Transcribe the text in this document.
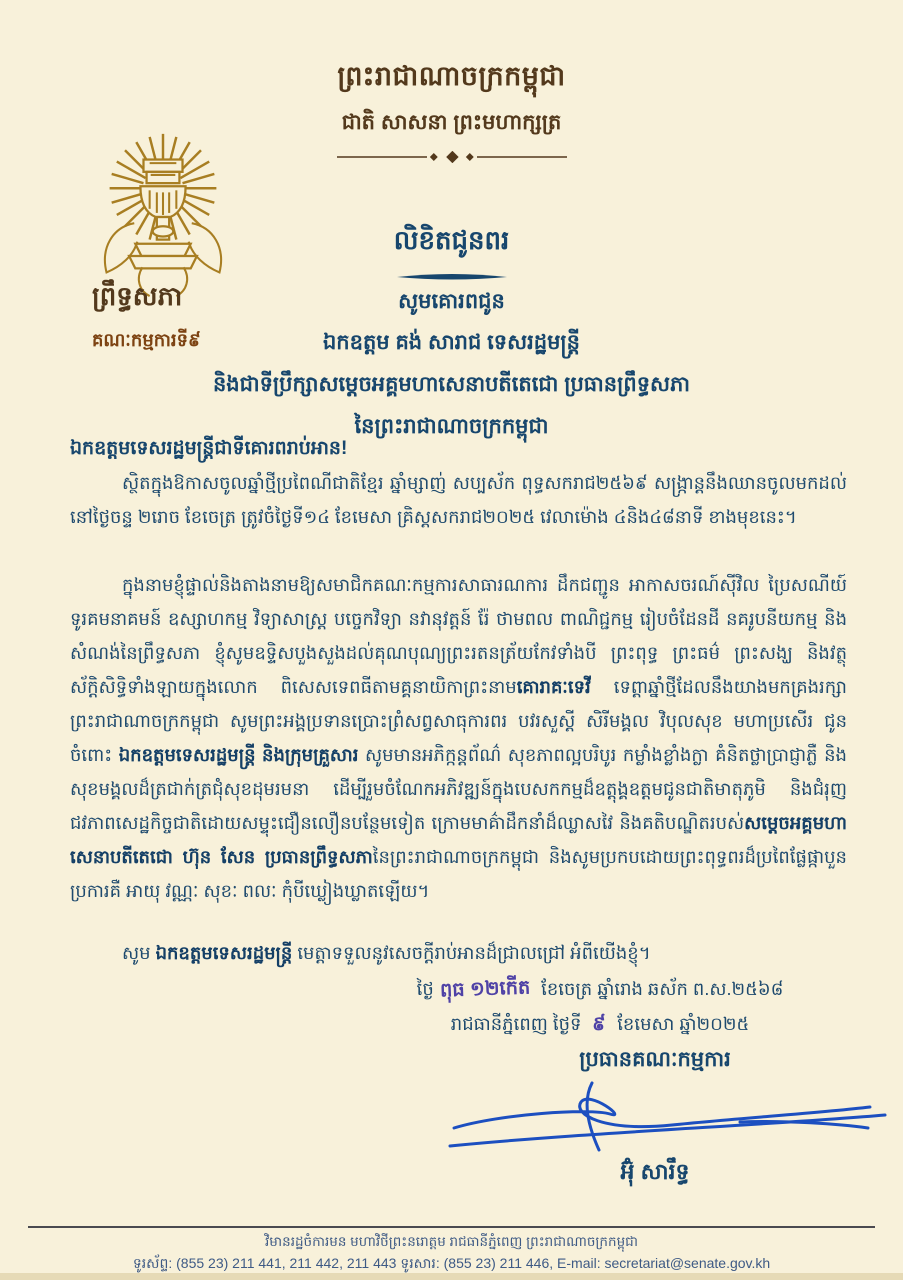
ព្រះរាជាណាចក្រកម្ពុជា
ជាតិ សាសនា ព្រះមហាក្សត្រ
ព្រឹទ្ធសភា
គណៈកម្មការទី៩
លិខិតជូនពរ
សូមគោរពជូន
ឯកឧត្តម គង់ សារាជ ទេសរដ្ឋមន្ត្រី
និងជាទីប្រឹក្សាសម្តេចអគ្គមហាសេនាបតីតេជោ ប្រធានព្រឹទ្ធសភា
នៃព្រះរាជាណាចក្រកម្ពុជា
ឯកឧត្តមទេសរដ្ឋមន្ត្រីជាទីគោរពរាប់អាន!
ស្ថិតក្នុងឱកាសចូលឆ្នាំថ្មីប្រពៃណីជាតិខ្មែរ ឆ្នាំម្សាញ់ សប្បស័ក ពុទ្ធសករាជ២៥៦៩ សង្ក្រាន្តនឹងឈានចូលមកដល់នៅថ្ងៃចន្ទ ២រោច ខែចេត្រ ត្រូវចំថ្ងៃទី១៤ ខែមេសា គ្រិស្តសករាជ២០២៥ វេលាម៉ោង ៤និង៤៨នាទី ខាងមុខនេះ។
ក្នុងនាមខ្ញុំផ្ទាល់និងតាងនាមឱ្យសមាជិកគណៈកម្មការសាធារណការ ដឹកជញ្ជូន អាកាសចរណ៍ស៊ីវិល ប្រៃសណីយ៍ ទូរគមនាគមន៍ ឧស្សាហកម្ម វិទ្យាសាស្ត្រ បច្ចេកវិទ្យា នវានុវត្តន៍ រ៉ែ ថាមពល ពាណិជ្ជកម្ម រៀបចំដែនដី នគរូបនីយកម្ម និងសំណង់នៃព្រឹទ្ធសភា ខ្ញុំសូមឧទ្ទិសបួងសួងដល់គុណបុណ្យព្រះរតនត្រ័យកែវទាំងបី ព្រះពុទ្ធ ព្រះធម៌ ព្រះសង្ឃ និងវត្ថុស័ក្តិសិទ្ធិទាំងឡាយក្នុងលោក ពិសេសទេពធីតាមគ្គនាយិកាព្រះនាមគោរាគៈទេវី ទេព្តាឆ្នាំថ្មីដែលនឹងយាងមកគ្រងរក្សាព្រះរាជាណាចក្រកម្ពុជា សូមព្រះអង្គប្រទានប្រោះព្រំសព្វសាធុការពរ បវរសួស្តី សិរីមង្គល វិបុលសុខ មហាប្រសើរ ជូនចំពោះ ឯកឧត្តមទេសរដ្ឋមន្ត្រី និងក្រុមគ្រួសារ សូមមានអភិក្កន្តព័ណ៌ សុខភាពល្អបរិបូរ កម្លាំងខ្លាំងក្លា គំនិតថ្លាប្រាជ្ញាភ្លឺ និងសុខមង្គលដ៏ត្រជាក់ត្រជុំសុខដុមរមនា ដើម្បីរួមចំណែកអភិវឌ្ឍន៍ក្នុងបេសកកម្មដ៏ឧត្តុង្គឧត្តមជូនជាតិមាតុភូមិ និងជំរុញជវភាពសេដ្ឋកិច្ចជាតិដោយសម្ទុះជឿនលឿនបន្ថែមទៀត ក្រោមមាគ៌ាដឹកនាំដ៏ឈ្លាសវៃ និងគតិបណ្ឌិតរបស់សម្តេចអគ្គមហាសេនាបតីតេជោ ហ៊ុន សែន ប្រធានព្រឹទ្ធសភានៃព្រះរាជាណាចក្រកម្ពុជា និងសូមប្រកបដោយព្រះពុទ្ធពរដ៏ប្រពៃផ្លែផ្កាបួនប្រការគឺ អាយុ វណ្ណៈ សុខៈ ពលៈ កុំបីឃ្លៀងឃ្លាតឡើយ។
សូម ឯកឧត្តមទេសរដ្ឋមន្ត្រី មេត្តាទទួលនូវសេចក្តីរាប់អានដ៏ជ្រាលជ្រៅ អំពីយើងខ្ញុំ។
ថ្ងៃ ពុធ ១២កើត ខែចេត្រ ឆ្នាំរោង ឆស័ក ព.ស.២៥៦៨
រាជធានីភ្នំពេញ ថ្ងៃទី ៩ ខែមេសា ឆ្នាំ២០២៥
ប្រធានគណៈកម្មការ
អ៊ុំ សារឹទ្ធ
វិមានរដ្ឋចំការមន មហាវិថីព្រះនរោត្តម រាជធានីភ្នំពេញ ព្រះរាជាណាចក្រកម្ពុជា
ទូរស័ព្ទ: (855 23) 211 441, 211 442, 211 443 ទូរសារ: (855 23) 211 446, E-mail: secretariat@senate.gov.kh
